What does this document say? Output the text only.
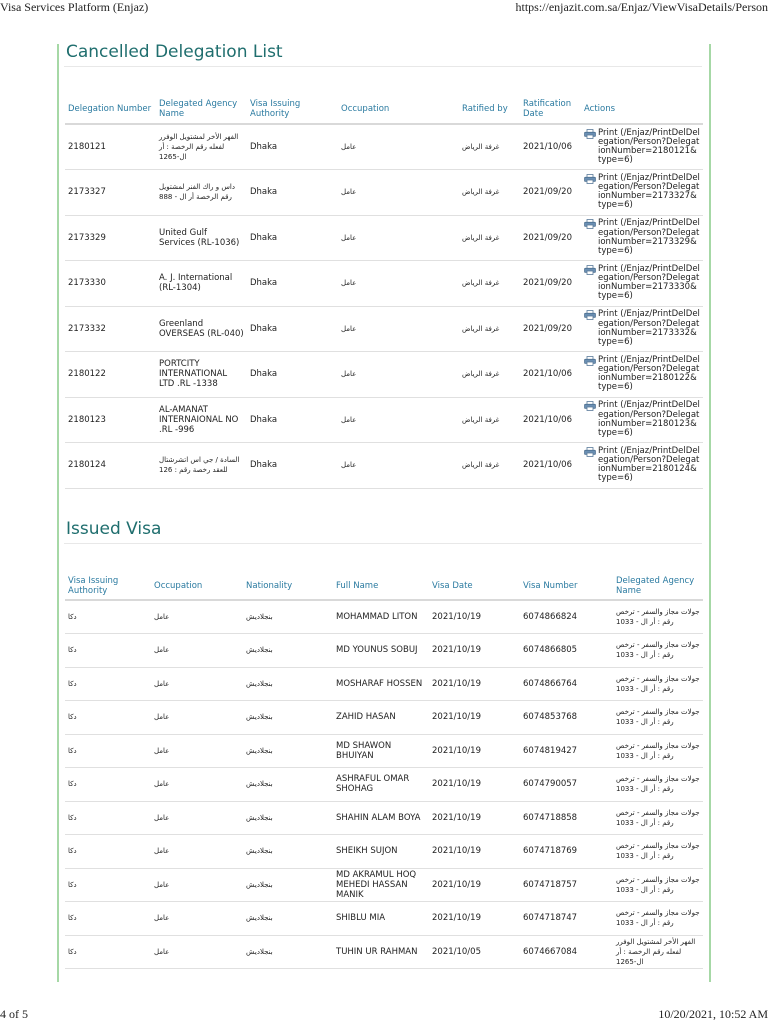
Visa Services Platform (Enjaz)	https://enjazit.com.sa/Enjaz/ViewVisaDetails/Person
Cancelled Delegation List
Delegation Number	Delegated Agency Name	Visa Issuing Authority	Occupation	Ratified by	Ratification Date	Actions
2180121	الفهر الأخر لمشتويل الوفرر لفعله رقم الرخصة : أر ال-1265	Dhaka	عامل	غرفة الرياض	2021/10/06	Print (/Enjaz/PrintDelDelegation/Person?DelegationNumber=2180121&type=6)

2173327	داس و راك الفنر لمشتويل رقم الرخصة أر ال - 888	Dhaka	عامل	غرفة الرياض	2021/09/20	Print (/Enjaz/PrintDelDelegation/Person?DelegationNumber=2173327&type=6)

2173329	United Gulf Services (RL-1036)	Dhaka	عامل	غرفة الرياض	2021/09/20	Print (/Enjaz/PrintDelDelegation/Person?DelegationNumber=2173329&type=6)

2173330	A. J. International (RL-1304)	Dhaka	عامل	غرفة الرياض	2021/09/20	Print (/Enjaz/PrintDelDelegation/Person?DelegationNumber=2173330&type=6)

2173332	Greenland OVERSEAS (RL-040)	Dhaka	عامل	غرفة الرياض	2021/09/20	Print (/Enjaz/PrintDelDelegation/Person?DelegationNumber=2173332&type=6)

2180122	PORTCITY INTERNATIONAL LTD .RL -1338	Dhaka	عامل	غرفة الرياض	2021/10/06	Print (/Enjaz/PrintDelDelegation/Person?DelegationNumber=2180122&type=6)

2180123	AL-AMANAT INTERNAIONAL NO .RL -996	Dhaka	عامل	غرفة الرياض	2021/10/06	Print (/Enjaz/PrintDelDelegation/Person?DelegationNumber=2180123&type=6)

2180124	السادة / جي اس اتشرشتال للعقد رخصة رقم : 126	Dhaka	عامل	غرفة الرياض	2021/10/06	Print (/Enjaz/PrintDelDelegation/Person?DelegationNumber=2180124&type=6)
Issued Visa
Visa Issuing Authority	Occupation	Nationality	Full Name	Visa Date	Visa Number	Delegated Agency Name
دكا	عامل	بنجلاديش	MOHAMMAD LITON	2021/10/19	6074866824	جولات مجاز والسفر - ترخص رقم : أر ال - 1033
دكا	عامل	بنجلاديش	MD YOUNUS SOBUJ	2021/10/19	6074866805	جولات مجاز والسفر - ترخص رقم : أر ال - 1033
دكا	عامل	بنجلاديش	MOSHARAF HOSSEN	2021/10/19	6074866764	جولات مجاز والسفر - ترخص رقم : أر ال - 1033
دكا	عامل	بنجلاديش	ZAHID HASAN	2021/10/19	6074853768	جولات مجاز والسفر - ترخص رقم : أر ال - 1033
دكا	عامل	بنجلاديش	MD SHAWON BHUIYAN	2021/10/19	6074819427	جولات مجاز والسفر - ترخص رقم : أر ال - 1033
دكا	عامل	بنجلاديش	ASHRAFUL OMAR SHOHAG	2021/10/19	6074790057	جولات مجاز والسفر - ترخص رقم : أر ال - 1033
دكا	عامل	بنجلاديش	SHAHIN ALAM BOYA	2021/10/19	6074718858	جولات مجاز والسفر - ترخص رقم : أر ال - 1033
دكا	عامل	بنجلاديش	SHEIKH SUJON	2021/10/19	6074718769	جولات مجاز والسفر - ترخص رقم : أر ال - 1033
دكا	عامل	بنجلاديش	MD AKRAMUL HOQ MEHEDI HASSAN MANIK	2021/10/19	6074718757	جولات مجاز والسفر - ترخص رقم : أر ال - 1033
دكا	عامل	بنجلاديش	SHIBLU MIA	2021/10/19	6074718747	جولات مجاز والسفر - ترخص رقم : أر ال - 1033
دكا	عامل	بنجلاديش	TUHIN UR RAHMAN	2021/10/05	6074667084	الفهر الأخر لمشتويل الوفرر لفعله رقم الرخصة : أر ال-1265
4 of 5	10/20/2021, 10:52 AM
